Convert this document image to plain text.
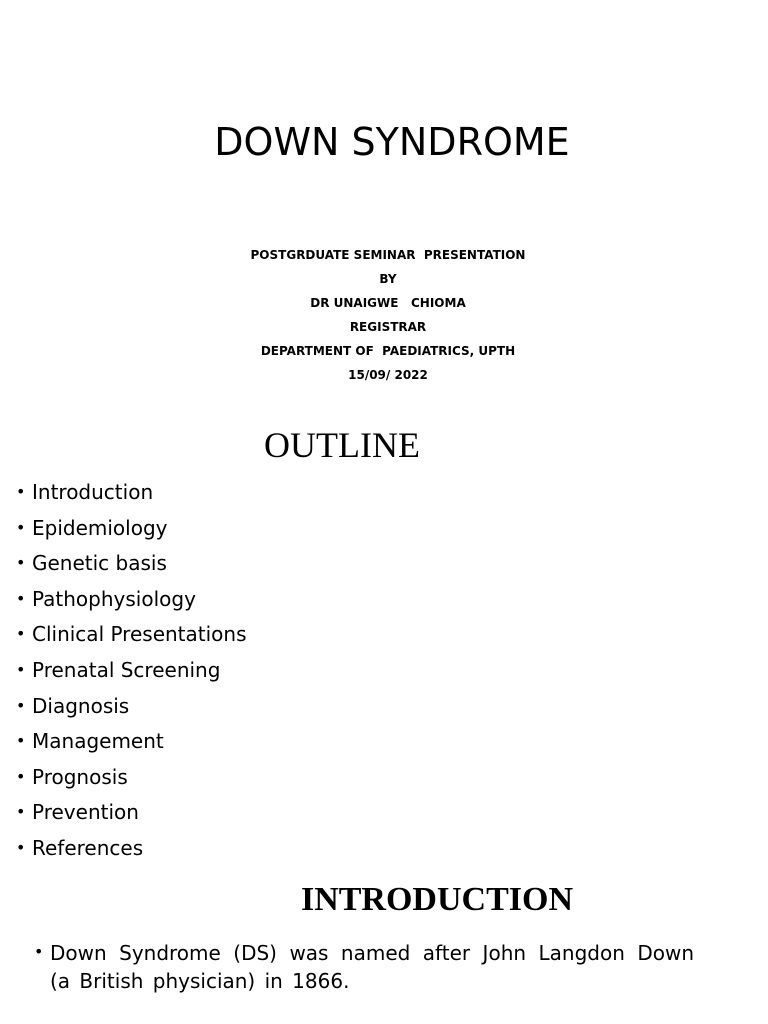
DOWN SYNDROME
POSTGRDUATE SEMINAR  PRESENTATION
BY
DR UNAIGWE   CHIOMA
REGISTRAR
DEPARTMENT OF  PAEDIATRICS, UPTH
15/09/ 2022
OUTLINE
• Introduction
• Epidemiology
• Genetic basis
• Pathophysiology
• Clinical Presentations
• Prenatal Screening
• Diagnosis
• Management
• Prognosis
• Prevention
• References
INTRODUCTION
• Down Syndrome (DS) was named after John Langdon Down (a British physician) in 1866.
